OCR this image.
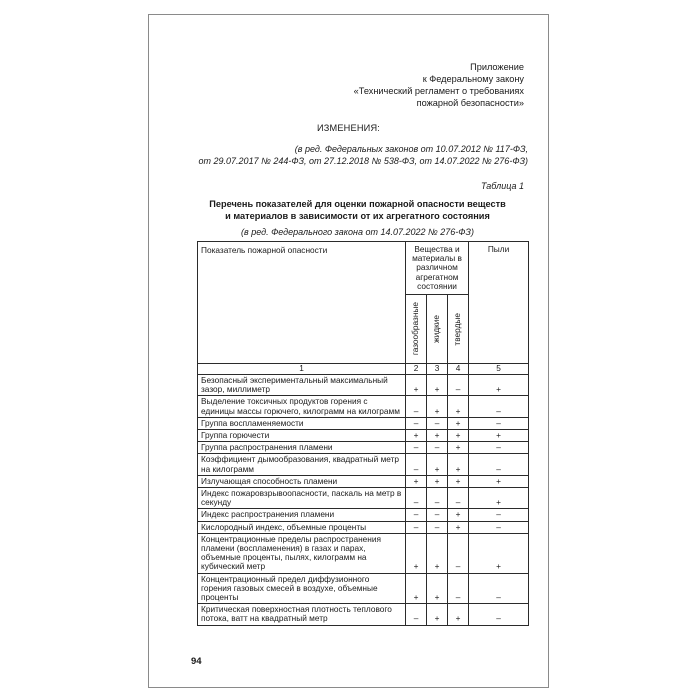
Приложение
к Федеральному закону
«Технический регламент о требованиях
пожарной безопасности»
ИЗМЕНЕНИЯ:
(в ред. Федеральных законов от 10.07.2012 № 117-ФЗ,
от 29.07.2017 № 244-ФЗ, от 27.12.2018 № 538-ФЗ, от 14.07.2022 № 276-ФЗ)
Таблица 1
Перечень показателей для оценки пожарной опасности веществ
и материалов в зависимости от их агрегатного состояния
(в ред. Федерального закона от 14.07.2022 № 276-ФЗ)
Показатель пожарной опасности	Вещества и материалы в различном агрегатном состоянии			Пыли

	газообразные	жидкие	твердые	

1	2	3	4	5
Безопасный экспериментальный максимальный зазор, миллиметр	+	+	–	+
Выделение токсичных продуктов горения с единицы массы горючего, килограмм на килограмм	–	+	+	–
Группа воспламеняемости	–	–	+	–
Группа горючести	+	+	+	+
Группа распространения пламени	–	–	+	–
Коэффициент дымообразования, квадратный метр на килограмм	–	+	+	–
Излучающая способность пламени	+	+	+	+
Индекс пожаровзрывоопасности, паскаль на метр в секунду	–	–	–	+
Индекс распространения пламени	–	–	+	–
Кислородный индекс, объемные проценты	–	–	+	–
Концентрационные пределы распространения пламени (воспламенения) в газах и парах, объемные проценты, пылях, килограмм на кубический метр	+	+	–	+
Концентрационный предел диффузионного горения газовых смесей в воздухе, объемные проценты	+	+	–	–
Критическая поверхностная плотность теплового потока, ватт на квадратный метр	–	+	+	–
94
